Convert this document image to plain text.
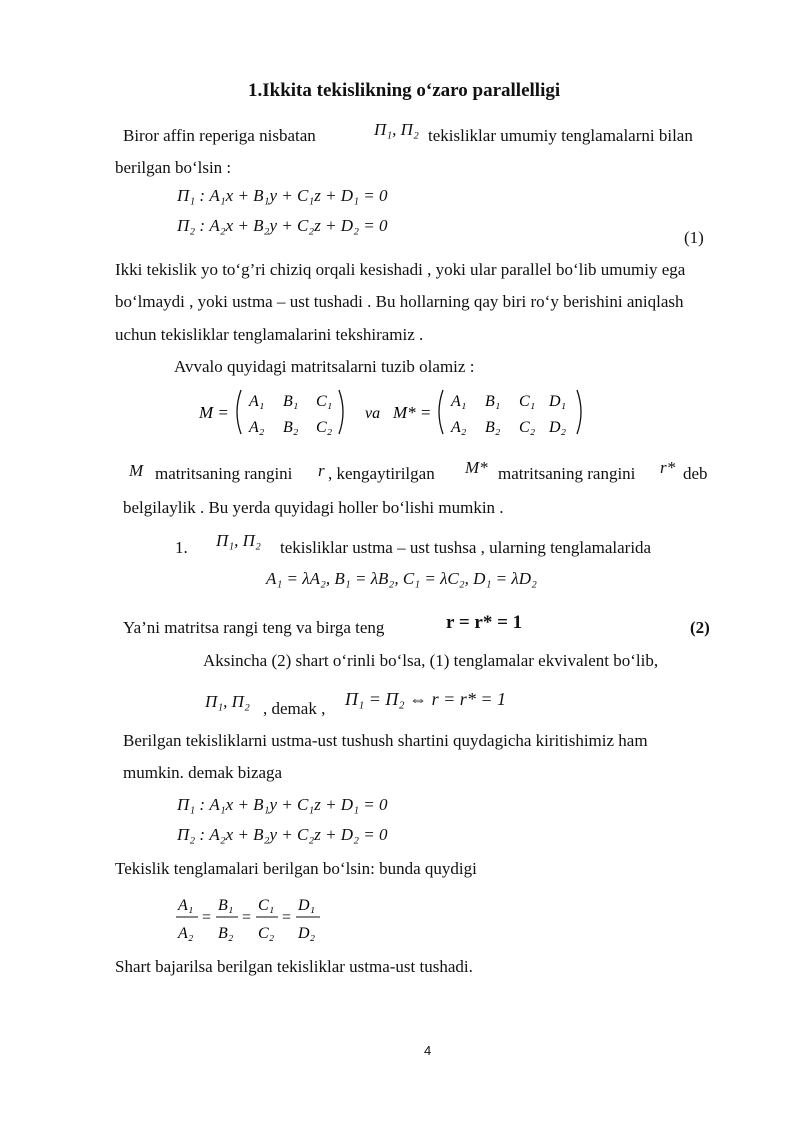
1.Ikkita tekislikning o‘zaro parallelligi
Biror affin reperiga nisbatan	Π₁, Π₂ tekisliklar umumiy tenglamalarni bilan
berilgan bo‘lsin :
Π₁ : A₁x + B₁y + C₁z + D₁ = 0
Π₂ : A₂x + B₂y + C₂z + D₂ = 0
(1)
Ikki tekislik yo to‘g’ri chiziq orqali kesishadi , yoki ular parallel bo‘lib umumiy ega
bo‘lmaydi , yoki ustma – ust tushadi . Bu hollarning qay biri ro‘y berishini aniqlash
uchun tekisliklar tenglamalarini tekshiramiz .
Avvalo quyidagi matritsalarni tuzib olamiz :
M =
A₁ B₁ C₁
A₂ B₂ C₂
va M* =
A₁ B₁ C₁ D₁
A₂ B₂ C₂ D₂
M matritsaning rangini r , kengaytirilgan M* matritsaning rangini r* deb
belgilaylik . Bu yerda quyidagi holler bo‘lishi mumkin .
1. Π₁, Π₂ tekisliklar ustma – ust tushsa , ularning tenglamalarida
A₁ = λA₂, B₁ = λB₂, C₁ = λC₂, D₁ = λD₂
Ya’ni matritsa rangi teng va birga teng	r = r* = 1	(2)
Aksincha (2) shart o‘rinli bo‘lsa, (1) tenglamalar ekvivalent bo‘lib,
Π₁, Π₂ , demak , Π₁ = Π₂ ⇔ r = r* = 1
Berilgan tekisliklarni ustma-ust tushush shartini quydagicha kiritishimiz ham
mumkin. demak bizaga
Π₁ : A₁x + B₁y + C₁z + D₁ = 0
Π₂ : A₂x + B₂y + C₂z + D₂ = 0
Tekislik tenglamalari berilgan bo‘lsin: bunda quydigi
A₁
A₂
=
B₁
B₂
=
C₁
C₂
=
D₁
D₂
Shart bajarilsa berilgan tekisliklar ustma-ust tushadi.
4
